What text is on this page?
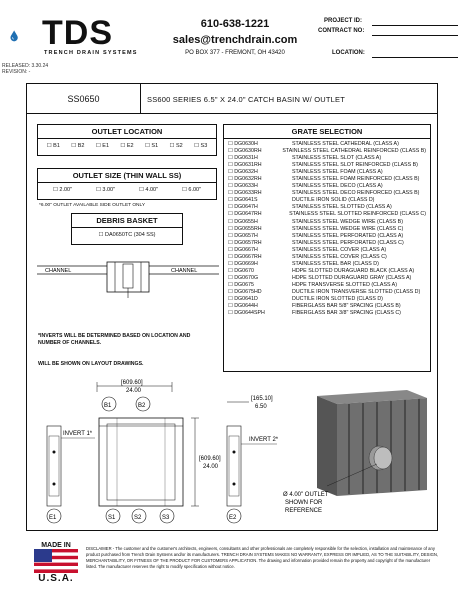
TDS
TRENCH DRAIN SYSTEMS
RELEASED: 3.30.24
REVISION: -
610-638-1221
sales@trenchdrain.com
PO BOX 377 - FREMONT, OH 43420
PROJECT ID:
CONTRACT NO:
LOCATION:
SS0650	SS600 SERIES 6.5" X 24.0" CATCH BASIN W/ OUTLET
OUTLET LOCATION
☐ B1 ☐ B2 ☐ E1 ☐ E2 ☐ S1 ☐ S2 ☐ S3
OUTLET SIZE (THIN WALL SS)
☐ 2.00"	☐ 3.00"	☐ 4.00"	☐ 6.00"
*6.00" OUTLET AVAILABLE SIDE OUTLET ONLY
DEBRIS BASKET
☐ DA0650TC (304 SS)
CHANNEL	CHANNEL
*INVERTS WILL BE DETERMINED BASED ON LOCATION AND NUMBER OF CHANNELS.
WILL BE SHOWN ON LAYOUT DRAWINGS.
GRATE SELECTION
☐ DG0630H	STAINLESS STEEL CATHEDRAL (CLASS A)
☐ DG0630RH	STAINLESS STEEL CATHEDRAL REINFORCED (CLASS B)
☐ DG0631H	STAINLESS STEEL SLOT (CLASS A)
☐ DG0631RH	STAINLESS STEEL SLOT REINFORCED (CLASS B)
☐ DG0632H	STAINLESS STEEL FOAM (CLASS A)
☐ DG0632RH	STAINLESS STEEL FOAM REINFORCED (CLASS B)
☐ DG0633H	STAINLESS STEEL DECO (CLASS A)
☐ DG0633RH	STAINLESS STEEL DECO REINFORCED (CLASS B)
☐ DG0641S	DUCTILE IRON SOLID (CLASS D)
☐ DG0647H	STAINLESS STEEL SLOTTED (CLASS A)
☐ DG0647RH	STAINLESS STEEL SLOTTED REINFORCED (CLASS C)
☐ DG0655H	STAINLESS STEEL WEDGE WIRE (CLASS B)
☐ DG0655RH	STAINLESS STEEL WEDGE WIRE (CLASS C)
☐ DG0657H	STAINLESS STEEL PERFORATED (CLASS A)
☐ DG0657RH	STAINLESS STEEL PERFORATED (CLASS C)
☐ DG0667H	STAINLESS STEEL COVER (CLASS A)
☐ DG0667RH	STAINLESS STEEL COVER (CLASS C)
☐ DG0669H	STAINLESS STEEL BAR (CLASS D)
☐ DG0670	HDPE SLOTTED DURAGUARD BLACK (CLASS A)
☐ DG0670G	HDPE SLOTTED DURAGUARD GRAY (CLASS A)
☐ DG0675	HDPE TRANSVERSE SLOTTED (CLASS A)
☐ DG0675HD	DUCTILE IRON TRANSVERSE SLOTTED (CLASS D)
☐ DG0641D	DUCTILE IRON SLOTTED (CLASS D)
☐ DG0644H	FIBERGLASS BAR 5/8" SPACING (CLASS B)
☐ DG0644SPH	FIBERGLASS BAR 3/8" SPACING (CLASS C)
[609.60]
24.00
B1	B2
INVERT 1*
E1	S1	S2	S3
[609.60]
24.00
[165.10]
6.50
INVERT 2*
E2
Ø 4.00" OUTLET
SHOWN FOR
REFERENCE
MADE IN
U.S.A.
DISCLAIMER - The customer and the customer's architects, engineers, consultants and other professionals are completely responsible for the selection, installation and maintenance of any product purchased from Trench Drain Systems and/or its manufacturers. TRENCH DRAIN SYSTEMS MAKES NO WARRANTY, EXPRESS OR IMPLIED, AS TO THE SUITABILITY, DESIGN, MERCHANTABILITY, OR FITNESS OF THE PRODUCT FOR CUSTOMERS APPLICATION. The drawing and information provided remain the property and copyright of the manufacturer listed. The manufacturer reserves the right to modify specification without notice.
